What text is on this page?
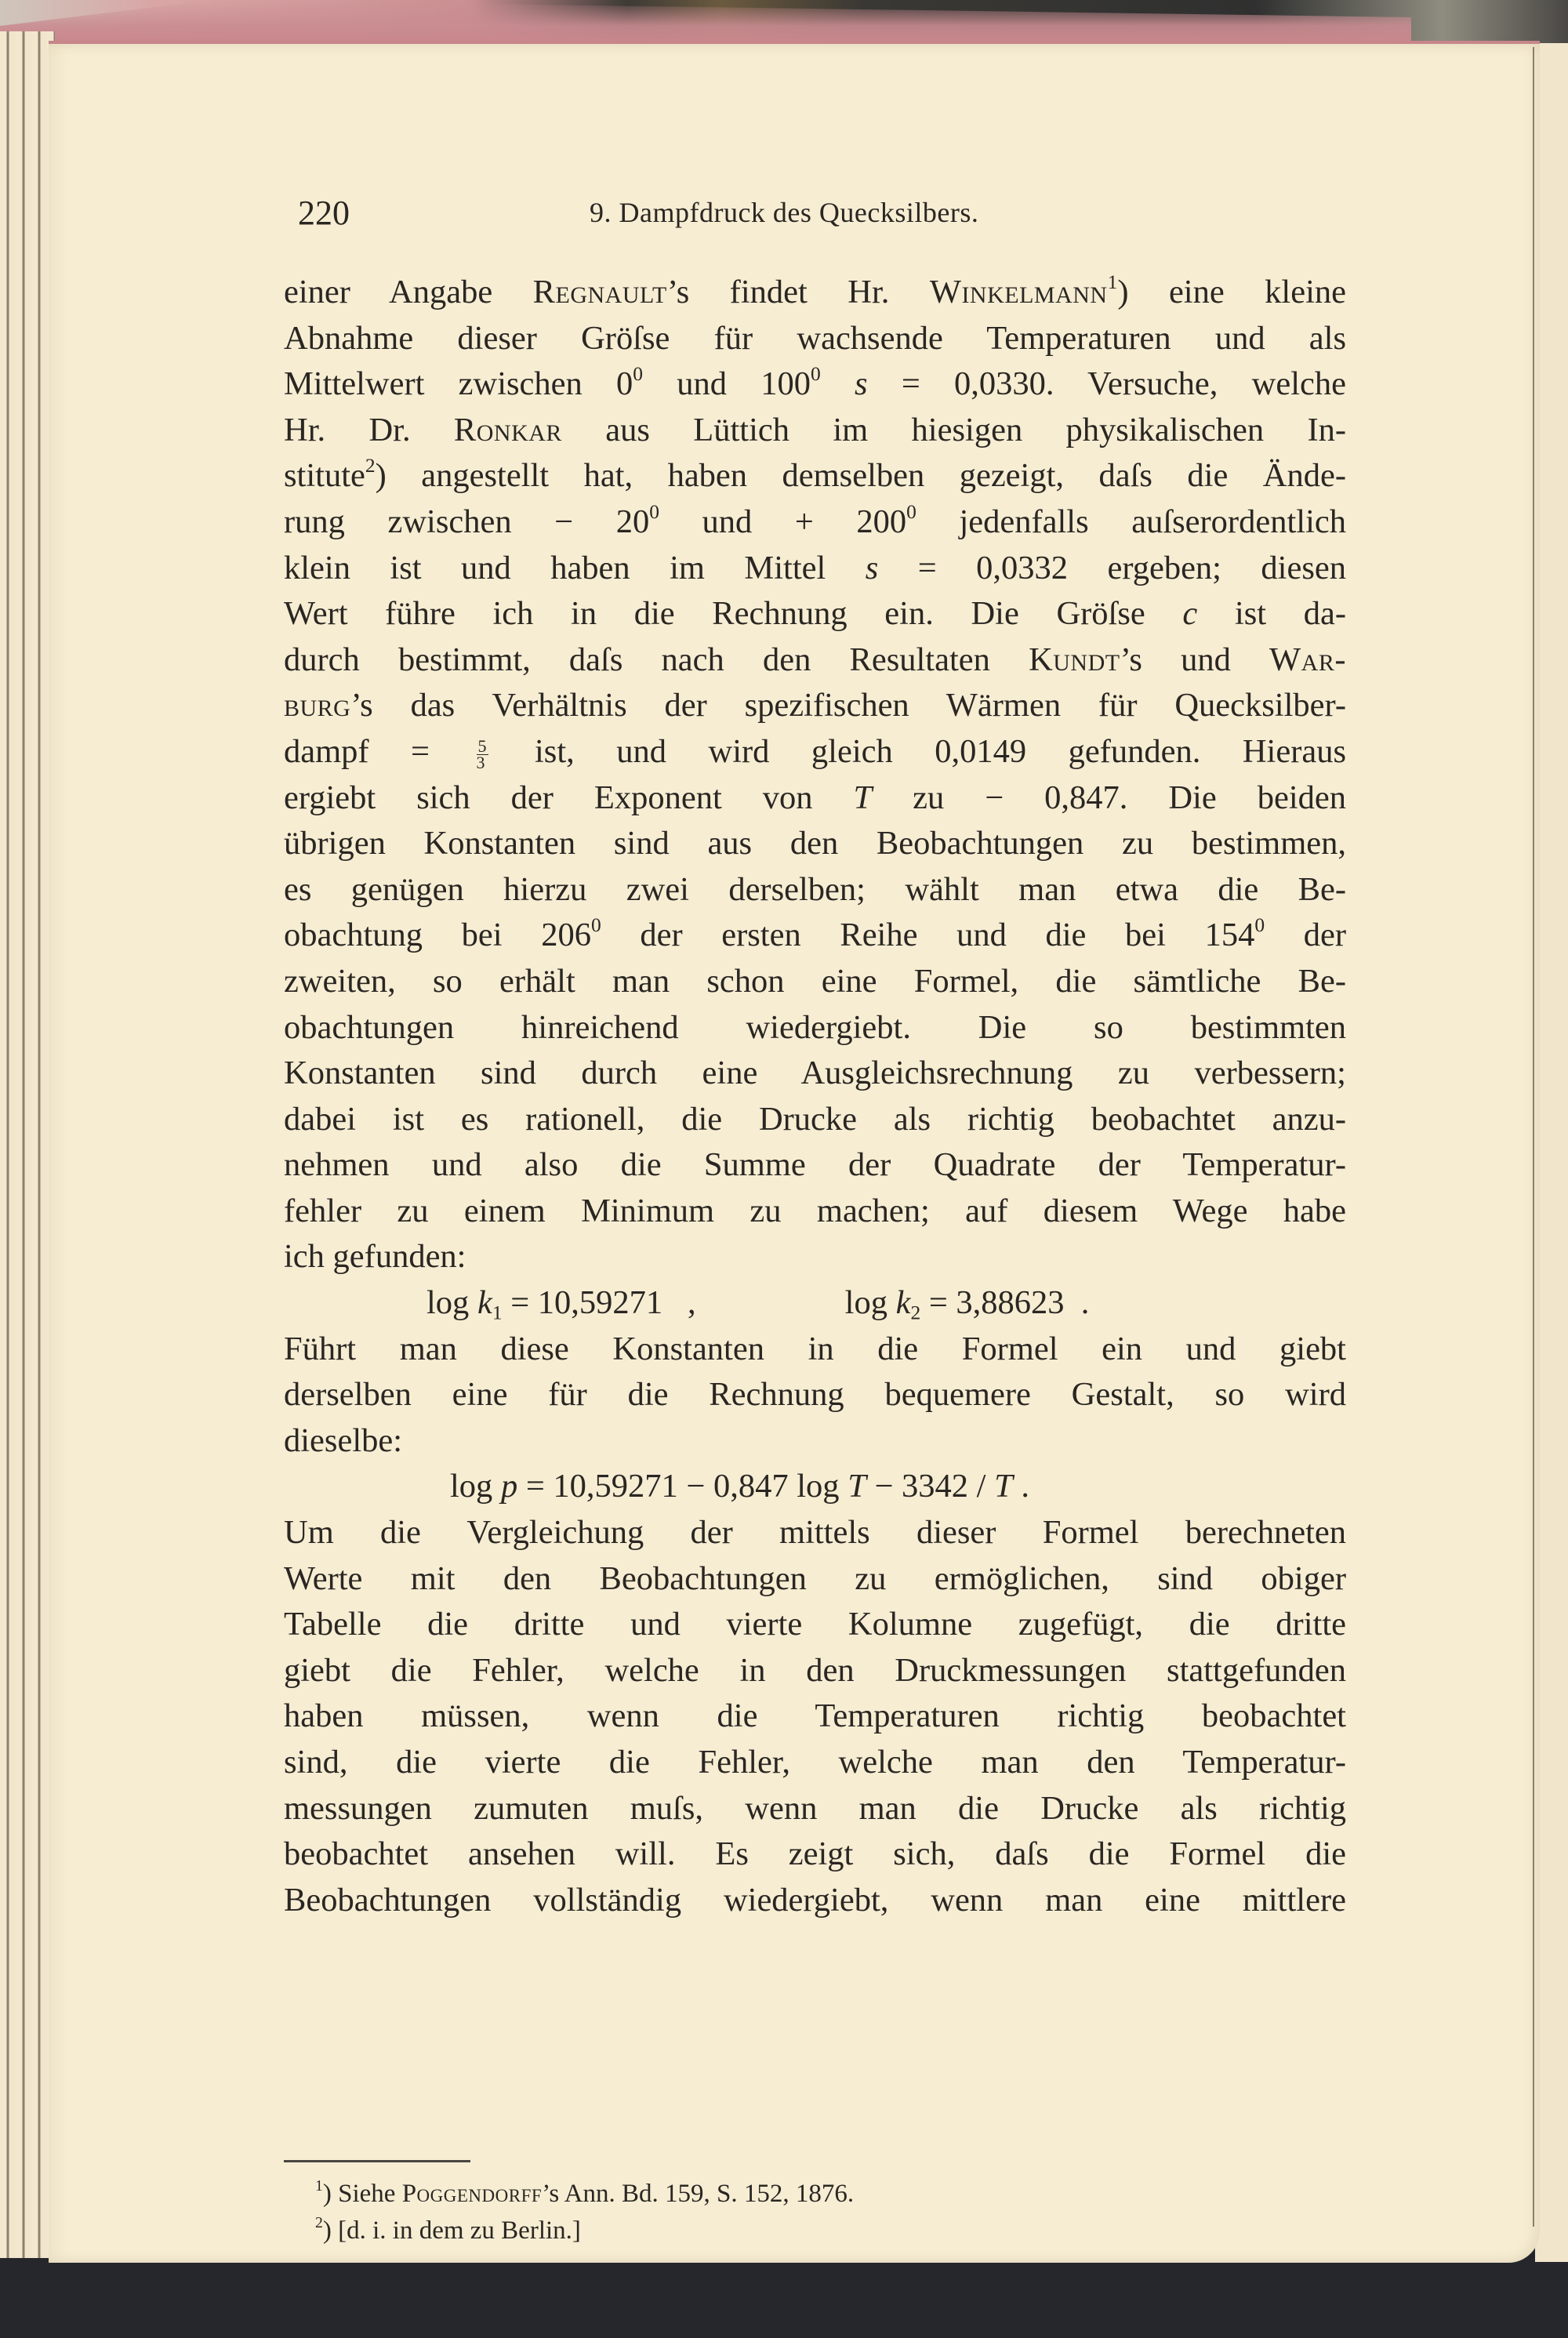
220	9. Dampfdruck des Quecksilbers.
einer Angabe Regnault’s findet Hr. Winkelmann$^1$) eine kleine
Abnahme dieser Gröſse für wachsende Temperaturen und als
Mittelwert zwischen $0^0$ und $100^0$ s = 0,0330. Versuche, welche
Hr. Dr. Ronkar aus Lüttich im hiesigen physikalischen In-
stitute$^2$) angestellt hat, haben demselben gezeigt, daſs die Ände-
rung zwischen − $20^0$ und + $200^0$ jedenfalls auſserordentlich
klein ist und haben im Mittel s = 0,0332 ergeben; diesen
Wert führe ich in die Rechnung ein. Die Gröſse c ist da-
durch bestimmt, daſs nach den Resultaten Kundt’s und War-
burg’s das Verhältnis der spezifischen Wärmen für Quecksilber-
dampf = $\frac{5}{3}$ ist, und wird gleich 0,0149 gefunden. Hieraus
ergiebt sich der Exponent von T zu − 0,847. Die beiden
übrigen Konstanten sind aus den Beobachtungen zu bestimmen,
es genügen hierzu zwei derselben; wählt man etwa die Be-
obachtung bei $206^0$ der ersten Reihe und die bei $154^0$ der
zweiten, so erhält man schon eine Formel, die sämtliche Be-
obachtungen hinreichend wiedergiebt. Die so bestimmten
Konstanten sind durch eine Ausgleichsrechnung zu verbessern;
dabei ist es rationell, die Drucke als richtig beobachtet anzu-
nehmen und also die Summe der Quadrate der Temperatur-
fehler zu einem Minimum zu machen; auf diesem Wege habe
ich gefunden:
$\log k_1 = 10,59271$   ,	$\log k_2 = 3,88623$  .
Führt man diese Konstanten in die Formel ein und giebt
derselben eine für die Rechnung bequemere Gestalt, so wird
dieselbe:
log p = 10,59271 − 0,847 log T − 3342 / T .
Um die Vergleichung der mittels dieser Formel berechneten
Werte mit den Beobachtungen zu ermöglichen, sind obiger
Tabelle die dritte und vierte Kolumne zugefügt, die dritte
giebt die Fehler, welche in den Druckmessungen stattgefunden
haben müssen, wenn die Temperaturen richtig beobachtet
sind, die vierte die Fehler, welche man den Temperatur-
messungen zumuten muſs, wenn man die Drucke als richtig
beobachtet ansehen will. Es zeigt sich, daſs die Formel die
Beobachtungen vollständig wiedergiebt, wenn man eine mittlere
$^1$) Siehe Poggendorff’s Ann. Bd. 159, S. 152, 1876.
$^2$) [d. i. in dem zu Berlin.]
